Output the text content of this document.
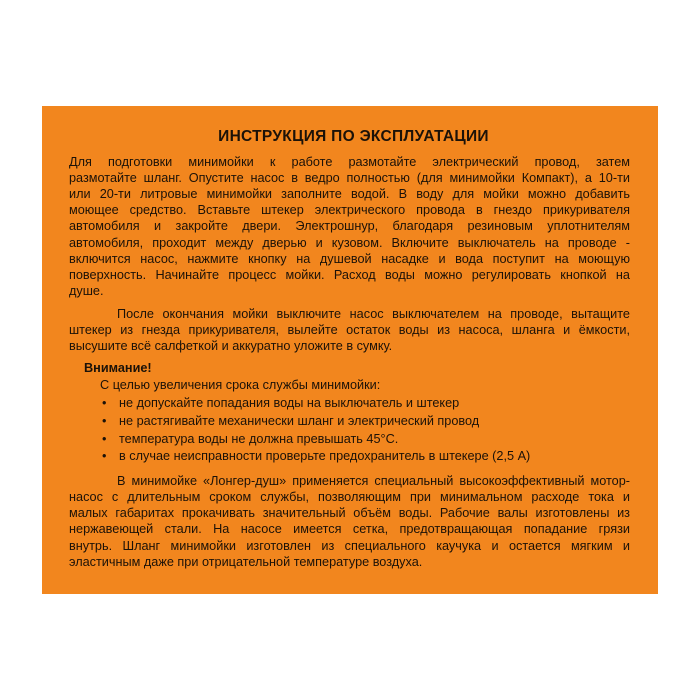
ИНСТРУКЦИЯ ПО ЭКСПЛУАТАЦИИ
Для подготовки минимойки к работе размотайте электрический провод, затем
размотайте шланг. Опустите насос в ведро полностью (для минимойки Компакт), а 10-ти
или 20-ти литровые минимойки заполните водой. В воду для мойки можно добавить
моющее средство. Вставьте штекер электрического провода в гнездо прикуривателя
автомобиля и закройте двери. Электрошнур, благодаря резиновым уплотнителям
автомобиля, проходит между дверью и кузовом. Включите выключатель на проводе -
включится насос, нажмите кнопку на душевой насадке и вода поступит на моющую
поверхность. Начинайте процесс мойки. Расход воды можно регулировать кнопкой на
душе.
После окончания мойки выключите насос выключателем на проводе, вытащите
штекер из гнезда прикуривателя, вылейте остаток воды из насоса, шланга и ёмкости,
высушите всё салфеткой и аккуратно уложите в сумку.
Внимание!
С целью увеличения срока службы минимойки:
• не допускайте попадания воды на выключатель и штекер
• не растягивайте механически шланг и электрический провод
• температура воды не должна превышать 45°С.
• в случае неисправности проверьте предохранитель в штекере (2,5 А)
В минимойке «Лонгер-душ» применяется специальный высокоэффективный мотор-
насос с длительным сроком службы, позволяющим при минимальном расходе тока и
малых габаритах прокачивать значительный объём воды. Рабочие валы изготовлены из
нержавеющей стали. На насосе имеется сетка, предотвращающая попадание грязи
внутрь. Шланг минимойки изготовлен из специального каучука и остается мягким и
эластичным даже при отрицательной температуре воздуха.
